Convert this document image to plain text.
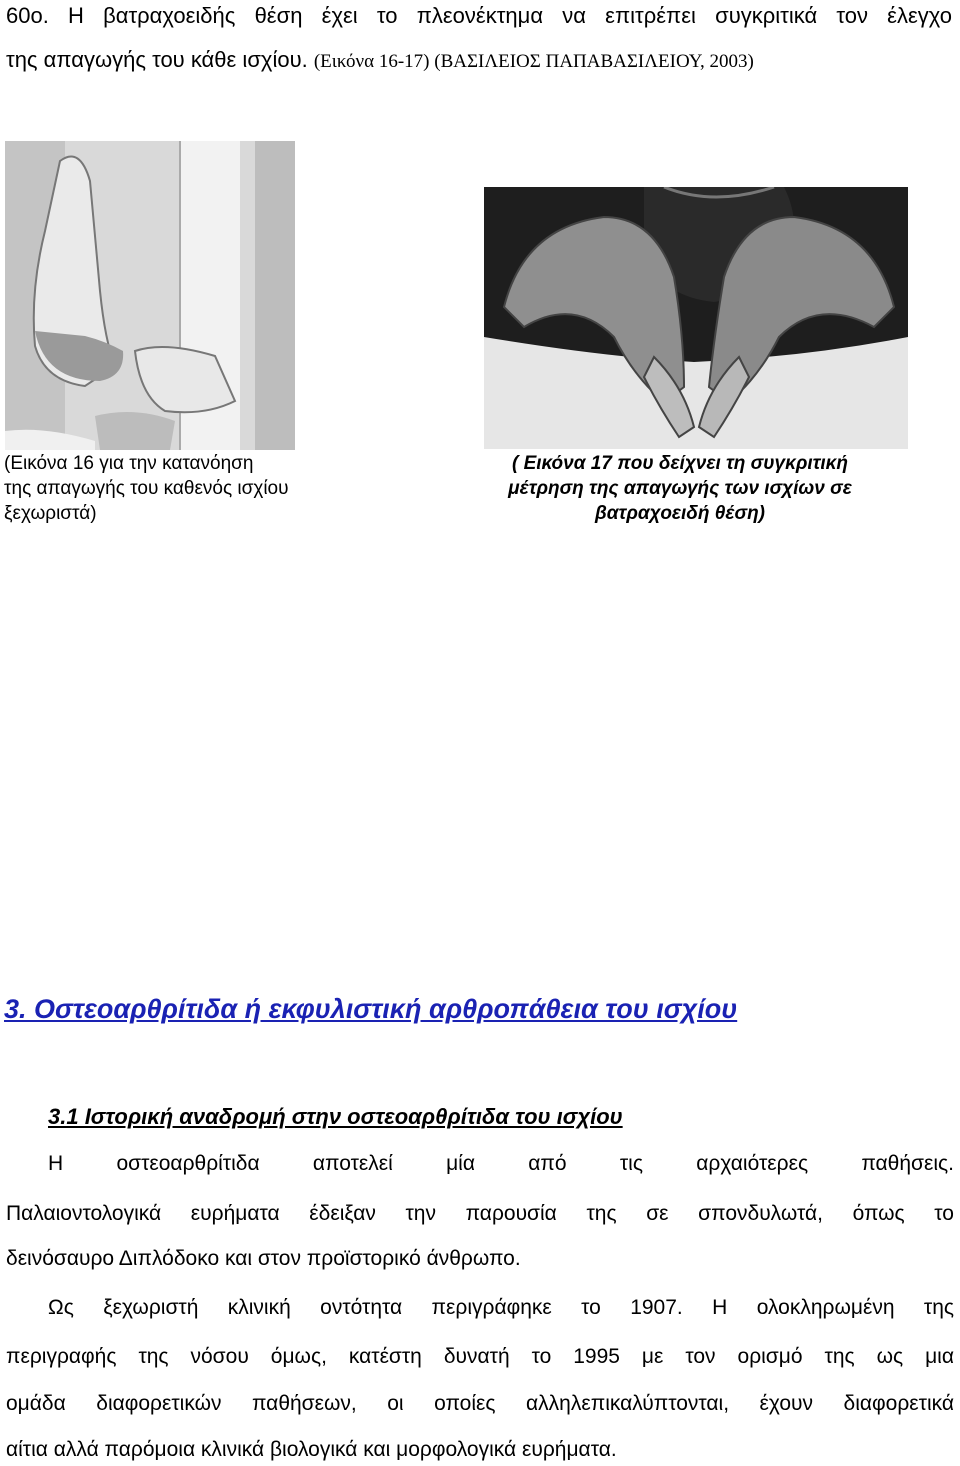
60ο. Η βατραχοειδής θέση έχει το πλεονέκτημα να επιτρέπει συγκριτικά τον έλεγχο
της απαγωγής του κάθε ισχίου. (Εικόνα 16-17) (ΒΑΣΙΛΕΙΟΣ ΠΑΠΑΒΑΣΙΛΕΙΟΥ, 2003)
(Εικόνα 16 για την κατανόηση
της απαγωγής του καθενός ισχίου
ξεχωριστά)
( Εικόνα 17 που δείχνει τη συγκριτική
μέτρηση της απαγωγής των ισχίων σε
βατραχοειδή θέση)
3. Οστεοαρθρίτιδα ή εκφυλιστική αρθροπάθεια του ισχίου
3.1 Ιστορική αναδρομή στην οστεοαρθρίτιδα του ισχίου
Η οστεοαρθρίτιδα αποτελεί μία από τις αρχαιότερες παθήσεις.
Παλαιοντολογικά ευρήματα έδειξαν την παρουσία της σε σπονδυλωτά, όπως το
δεινόσαυρο Διπλόδοκο και στον προϊστορικό άνθρωπο.
Ως ξεχωριστή κλινική οντότητα περιγράφηκε το 1907. Η ολοκληρωμένη της
περιγραφής της νόσου όμως, κατέστη δυνατή το 1995 με τον ορισμό της ως μια
ομάδα διαφορετικών παθήσεων, οι οποίες αλληλεπικαλύπτονται, έχουν διαφορετικά
αίτια αλλά παρόμοια κλινικά βιολογικά και μορφολογικά ευρήματα.
